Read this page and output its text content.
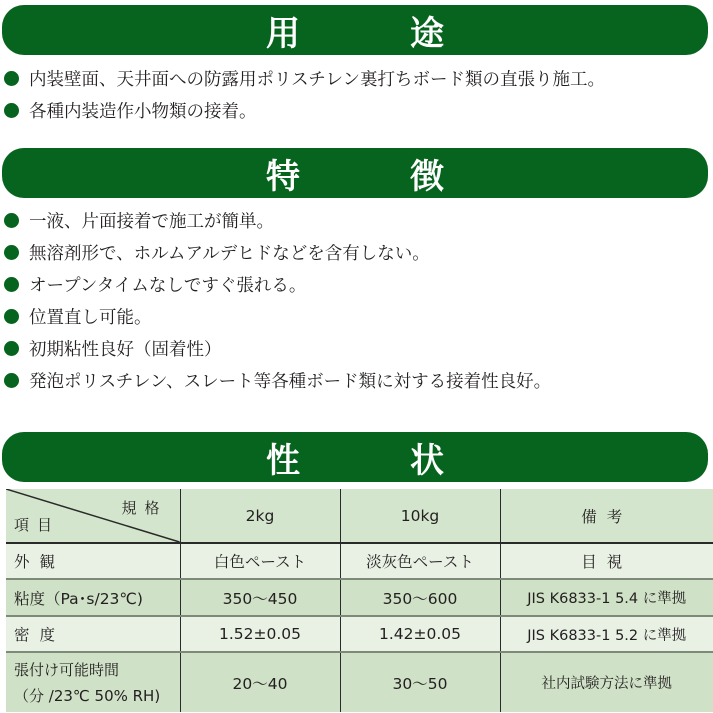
用	途
内装壁面、天井面への防露用ポリスチレン裏打ちボード類の直張り施工。
各種内装造作小物類の接着。
特	徴
一液、片面接着で施工が簡単。
無溶剤形で、ホルムアルデヒドなどを含有しない。
オープンタイムなしですぐ張れる。
位置直し可能。
初期粘性良好（固着性）
発泡ポリスチレン、スレート等各種ボード類に対する接着性良好。
性	状
規格
項目	2kg	10kg	備考
外観	白色ペースト	淡灰色ペースト	目視
粘度（Pa･s/23℃)	350～450	350～600	JIS K6833-1 5.4 に準拠
密度	1.52±0.05	1.42±0.05	JIS K6833-1 5.2 に準拠

張付け可能時間
（分 /23℃ 50% RH)	20～40	30～50	社内試験方法に準拠
